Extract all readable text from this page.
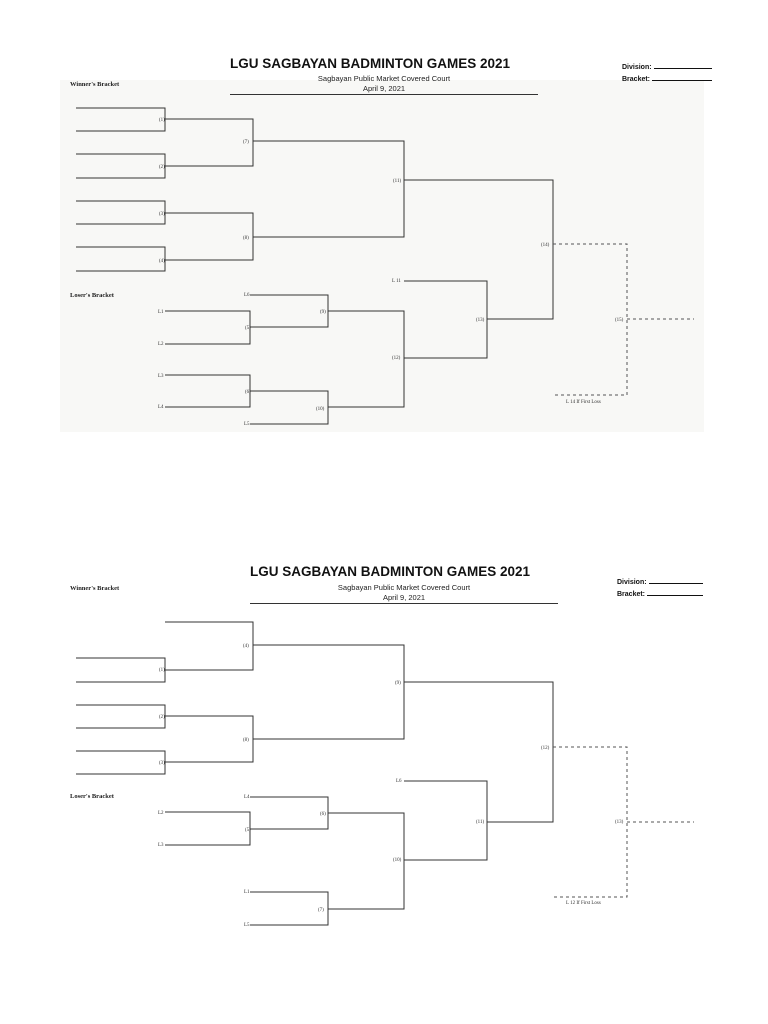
LGU SAGBAYAN BADMINTON GAMES 2021
Sagbayan Public Market Covered Court
April 9, 2021
Division:
Bracket:
Winner's Bracket
Loser's Bracket
(1)
(2)
(3)
(4)
(7)
(8)
(11)
(14)
(15)
(13)
(12)
(9)
(10)
(5)
(6)
L1
L2
L3
L4
L5
L6
L 11
L 14 If First Loss
LGU SAGBAYAN BADMINTON GAMES 2021
Sagbayan Public Market Covered Court
April 9, 2021
Division:
Bracket:
Winner's Bracket
Loser's Bracket
(1)
(2)
(3)
(4)
(8)
(9)
(12)
(13)
(11)
(10)
(6)
(5)
(7)
L2
L3
L4
L1
L5
L6
L 12 If First Loss
